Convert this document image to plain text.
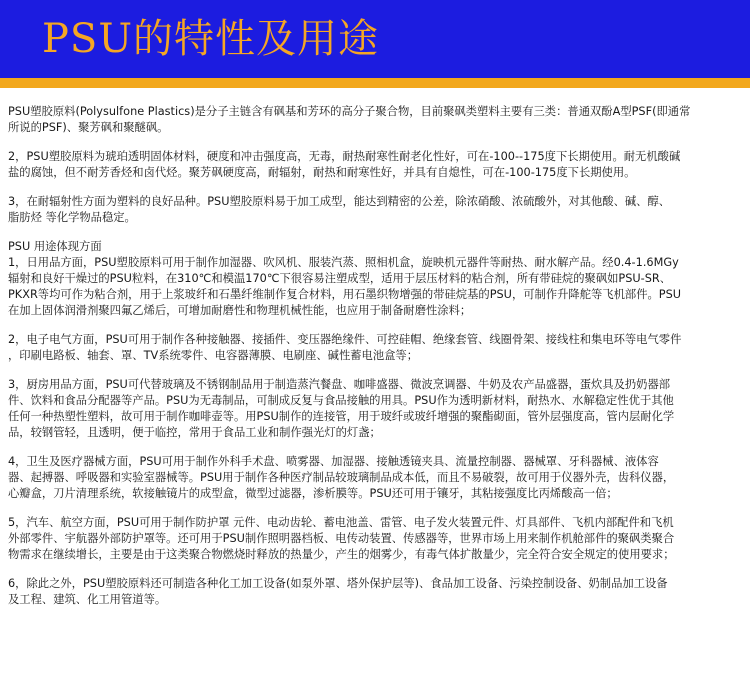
PSU的特性及用途
PSU塑胶原料(Polysulfone Plastics)是分子主链含有砜基和芳环的高分子聚合物，目前聚砜类塑料主要有三类：普通双酚A型PSF(即通常
所说的PSF)、聚芳砜和聚醚砜。
2，PSU塑胶原料为琥珀透明固体材料，硬度和冲击强度高，无毒，耐热耐寒性耐老化性好，可在-100--175度下长期使用。耐无机酸碱
盐的腐蚀，但不耐芳香烃和卤代烃。聚芳砜硬度高，耐辐射，耐热和耐寒性好，并具有自熄性，可在-100-175度下长期使用。
3，在耐辐射性方面为塑料的良好品种。PSU塑胶原料易于加工成型，能达到精密的公差，除浓硝酸、浓硫酸外，对其他酸、碱、醇、
脂肪烃 等化学物品稳定。
PSU 用途体现方面
1，日用品方面，PSU塑胶原料可用于制作加湿器、吹风机、服装汽蒸、照相机盒，旋映机元器件等耐热、耐水解产品。经0.4-1.6MGy
辐射和良好干燥过的PSU粒料，在310℃和模温170℃下很容易注塑成型，适用于层压材料的粘合剂，所有带硅烷的聚砜如PSU-SR、
PKXR等均可作为粘合剂，用于上浆玻纤和石墨纤维制作复合材料，用石墨织物增强的带硅烷基的PSU，可制作升降舵等飞机部件。PSU
在加上固体润滑剂聚四氟乙烯后，可增加耐磨性和物理机械性能，也应用于制备耐磨性涂料；
2，电子电气方面，PSU可用于制作各种接触器、接插件、变压器绝缘件、可控硅帽、绝缘套管、线圈骨架、接线柱和集电环等电气零件
，印刷电路板、轴套、罩、TV系统零件、电容器薄膜、电刷座、碱性蓄电池盒等；
3，厨房用品方面，PSU可代替玻璃及不锈钢制品用于制造蒸汽餐盘、咖啡盛器、微波烹调器、牛奶及农产品盛器，蛋炊具及扔奶器部
件、饮料和食品分配器等产品。PSU为无毒制品，可制成反复与食品接触的用具。PSU作为透明新材料，耐热水、水解稳定性优于其他
任何一种热塑性塑料，故可用于制作咖啡壶等。用PSU制作的连接管，用于玻纤或玻纤增强的聚酯砌面，管外层强度高，管内层耐化学
品，较钢管轻，且透明，便于临控，常用于食品工业和制作强光灯的灯盏；
4，卫生及医疗器械方面，PSU可用于制作外科手术盘、喷雾器、加湿器、接触透镜夹具、流量控制器、器械罩、牙科器械、液体容
器、起搏器、呼吸器和实验室器械等。PSU用于制作各种医疗制品较玻璃制品成本低，而且不易破裂，故可用于仪器外壳，齿科仪器，
心瓣盒，刀片清理系统，软接触镜片的成型盒，微型过滤器，渗析膜等。PSU还可用于镶牙，其粘接强度比丙烯酸高一倍；
5，汽车、航空方面，PSU可用于制作防护罩 元件、电动齿轮、蓄电池盖、雷管、电子发火装置元件、灯具部件、飞机内部配件和飞机
外部零件、宇航器外部防护罩等。还可用于PSU制作照明器档板、电传动装置、传感器等，世界市场上用来制作机舱部件的聚砜类聚合
物需求在继续增长，主要是由于这类聚合物燃烧时释放的热量少，产生的烟雾少，有毒气体扩散量少，完全符合安全规定的使用要求；
6，除此之外，PSU塑胶原料还可制造各种化工加工设备(如泵外罩、塔外保护层等)、食品加工设备、污染控制设备、奶制品加工设备
及工程、建筑、化工用管道等。
